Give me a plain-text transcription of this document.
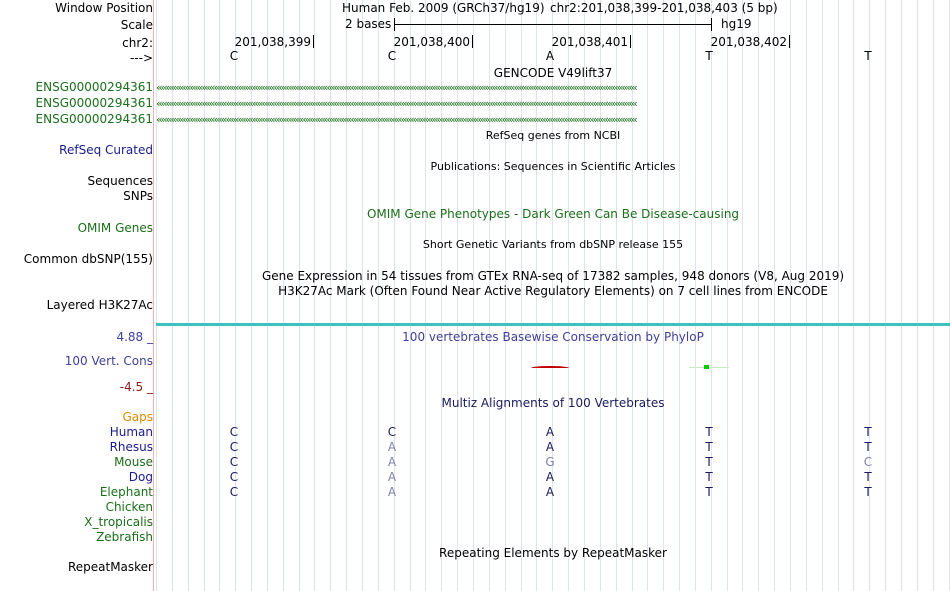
Window Position	Human Feb. 2009 (GRCh37/hg19) chr2:201,038,399-201,038,403 (5 bp)
Scale	2 bases	hg19
chr2:	201,038,399	201,038,400	201,038,401	201,038,402
--->	C	C	A	T	T
GENCODE V49lift37
ENSG00000294361 ‹‹‹‹‹‹‹‹‹‹‹‹‹‹‹‹‹‹‹‹‹‹‹‹‹‹‹‹‹‹‹‹‹‹‹‹‹‹‹‹‹‹‹‹‹‹‹‹‹‹‹‹‹‹‹‹‹‹‹‹‹‹‹‹‹‹‹‹‹‹‹‹‹‹‹‹‹‹‹‹‹‹‹‹‹‹‹‹‹‹‹‹‹‹‹‹‹‹‹‹‹‹‹‹‹‹‹‹‹‹‹‹‹‹‹‹‹‹‹‹‹‹‹‹‹‹‹‹‹‹‹‹‹‹‹‹‹‹‹‹‹‹‹‹‹‹‹‹‹‹‹‹‹‹‹‹‹‹‹‹‹‹‹‹‹‹‹‹‹‹‹‹‹‹‹‹‹‹‹‹‹‹‹‹‹‹‹‹‹‹‹‹‹‹‹‹‹‹‹‹
ENSG00000294361 ‹‹‹‹‹‹‹‹‹‹‹‹‹‹‹‹‹‹‹‹‹‹‹‹‹‹‹‹‹‹‹‹‹‹‹‹‹‹‹‹‹‹‹‹‹‹‹‹‹‹‹‹‹‹‹‹‹‹‹‹‹‹‹‹‹‹‹‹‹‹‹‹‹‹‹‹‹‹‹‹‹‹‹‹‹‹‹‹‹‹‹‹‹‹‹‹‹‹‹‹‹‹‹‹‹‹‹‹‹‹‹‹‹‹‹‹‹‹‹‹‹‹‹‹‹‹‹‹‹‹‹‹‹‹‹‹‹‹‹‹‹‹‹‹‹‹‹‹‹‹‹‹‹‹‹‹‹‹‹‹‹‹‹‹‹‹‹‹‹‹‹‹‹‹‹‹‹‹‹‹‹‹‹‹‹‹‹‹‹‹‹‹‹‹‹‹‹‹‹‹
ENSG00000294361 ‹‹‹‹‹‹‹‹‹‹‹‹‹‹‹‹‹‹‹‹‹‹‹‹‹‹‹‹‹‹‹‹‹‹‹‹‹‹‹‹‹‹‹‹‹‹‹‹‹‹‹‹‹‹‹‹‹‹‹‹‹‹‹‹‹‹‹‹‹‹‹‹‹‹‹‹‹‹‹‹‹‹‹‹‹‹‹‹‹‹‹‹‹‹‹‹‹‹‹‹‹‹‹‹‹‹‹‹‹‹‹‹‹‹‹‹‹‹‹‹‹‹‹‹‹‹‹‹‹‹‹‹‹‹‹‹‹‹‹‹‹‹‹‹‹‹‹‹‹‹‹‹‹‹‹‹‹‹‹‹‹‹‹‹‹‹‹‹‹‹‹‹‹‹‹‹‹‹‹‹‹‹‹‹‹‹‹‹‹‹‹‹‹‹‹‹‹‹‹‹
RefSeq genes from NCBI
RefSeq Curated
Publications: Sequences in Scientific Articles
Sequences
SNPs
OMIM Gene Phenotypes - Dark Green Can Be Disease-causing
OMIM Genes
Short Genetic Variants from dbSNP release 155
Common dbSNP(155)
Gene Expression in 54 tissues from GTEx RNA-seq of 17382 samples, 948 donors (V8, Aug 2019)
H3K27Ac Mark (Often Found Near Active Regulatory Elements) on 7 cell lines from ENCODE
Layered H3K27Ac
4.88 _	100 vertebrates Basewise Conservation by PhyloP
100 Vert. Cons
-4.5 _
Multiz Alignments of 100 Vertebrates
Gaps
Human	C	C	A	T	T
Rhesus	C	A	A	T	T
Mouse	C	A	G	T	C
Dog	C	A	A	T	T
Elephant	C	A	A	T	T
Chicken
X_tropicalis
Zebrafish
Repeating Elements by RepeatMasker
RepeatMasker
